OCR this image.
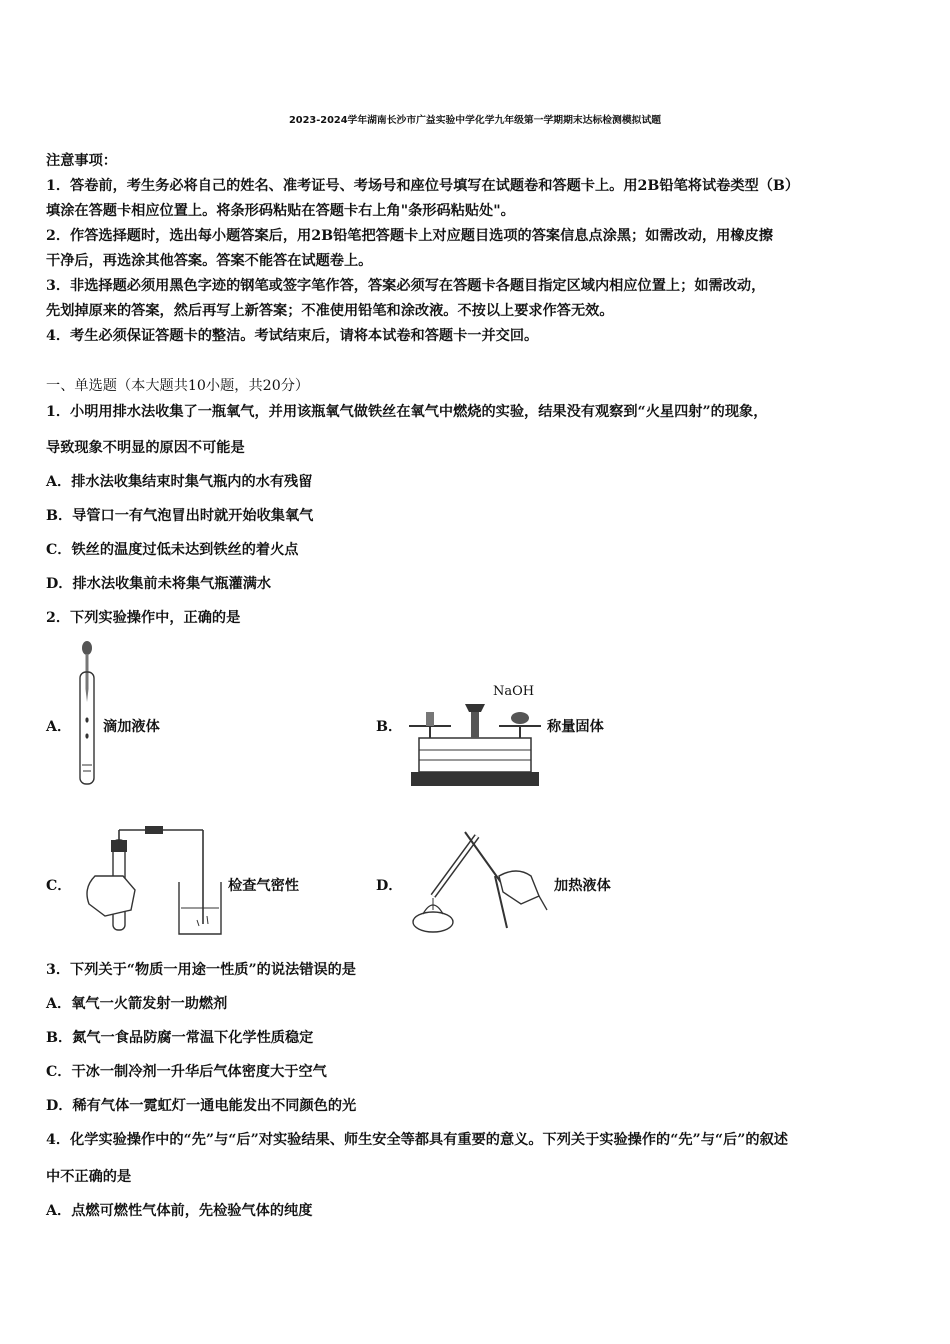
2023-2024学年湖南长沙市广益实验中学化学九年级第一学期期末达标检测模拟试题
注意事项：
1．答卷前，考生务必将自己的姓名、准考证号、考场号和座位号填写在试题卷和答题卡上。用2B铅笔将试卷类型（B）
填涂在答题卡相应位置上。将条形码粘贴在答题卡右上角"条形码粘贴处"。
2．作答选择题时，选出每小题答案后，用2B铅笔把答题卡上对应题目选项的答案信息点涂黑；如需改动，用橡皮擦
干净后，再选涂其他答案。答案不能答在试题卷上。
3．非选择题必须用黑色字迹的钢笔或签字笔作答，答案必须写在答题卡各题目指定区域内相应位置上；如需改动，
先划掉原来的答案，然后再写上新答案；不准使用铅笔和涂改液。不按以上要求作答无效。
4．考生必须保证答题卡的整洁。考试结束后，请将本试卷和答题卡一并交回。
一、单选题（本大题共10小题，共20分）
1．小明用排水法收集了一瓶氧气，并用该瓶氧气做铁丝在氧气中燃烧的实验，结果没有观察到“火星四射”的现象，
导致现象不明显的原因不可能是
A．排水法收集结束时集气瓶内的水有残留
B．导管口一有气泡冒出时就开始收集氧气
C．铁丝的温度过低未达到铁丝的着火点
D．排水法收集前未将集气瓶灌满水
2．下列实验操作中，正确的是
A． 滴加液体	B．
NaOH
称量固体
C．	检查气密性	D．	加热液体
3．下列关于“物质一用途一性质”的说法错误的是
A．氧气一火箭发射一助燃剂
B．氮气一食品防腐一常温下化学性质稳定
C．干冰一制冷剂一升华后气体密度大于空气
D．稀有气体一霓虹灯一通电能发出不同颜色的光
4．化学实验操作中的“先”与“后”对实验结果、师生安全等都具有重要的意义。下列关于实验操作的“先”与“后”的叙述
中不正确的是
A．点燃可燃性气体前，先检验气体的纯度
